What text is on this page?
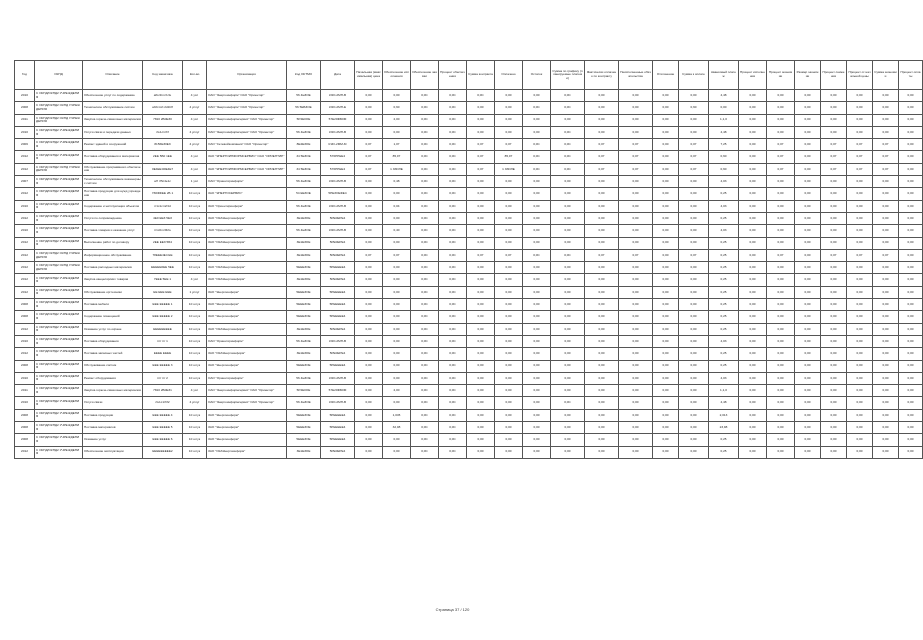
Год	ОКПД	Описание	Код заказчика	Кол-во	Организация	Код ОКТМО	Дата	Начальная (максимальная) цена	Обеспечение исполнения	Обеспечение заявки	Процент обеспечения	Сумма контракта	Оплачено	Остаток	Сумма по графику (планируемые платежи)	Фактически оплачено по контракту	Неисполненные обязательства	Отклонение	Сумма к оплате	Авансовый платеж	Процент исполнения	Процент экономии	Размер экономии	Процент снижения	Процент от начальной цены	Сумма экономии	Процент оплаты
2010	С ОКПД/ОКПД2 УЧРЕЖДЕНИЯ	Обеспечение услуг по содержанию	aftsrfcmrf-rfe	4 усл	ОАО "Энергоинформ" ОАО "Ориентир"	56 4мЗОЕ	КЭО-2МН-В	0,00	0,00	0,0С	0,0С	0,0С	0,00	0,00	0,0С	0,00	0,00	0,00	0,00	4,48	0,00	0,00	0,00	0,00	0,00	0,00	0,00
2008	С ОКПД/ОКПД2 ОКПД УЧРЕЖДЕНИЯ	Техническое обслуживание систем	afcfcmrf-2d1f2f	4 услуг	ОАО "Энергоинформ" ОАО "Ориентир"	56 5ЕБЗОЕ	КЭО-2МН-Е	0,00	0,60	0,0С	0,0С	0,00	0,00	0,0С	0,0С	0,00	0,00	0,00	0,60	0,00	0,00	0,00	0,00	0,00	0,00	0,00	0,00
2011	С ОКПД/ОКПД2 ОКПД УЧРЕЖДЕНИЯ	Закупка горюче-смазочных материалов	7810 2Б0ЕЗ0	4 усл	ОАО "Энергоинформсервис" ОАО "Ориентир"	5Р4Е0ОЕ	57Е20ФБ0М	0,00	2,00	0,0С	0,0С	0,00	0,00	0,00	0,00	0,00	0,00	0,00	0,00	1,1,0	0,00	0,00	0,00	0,00	0,00	0,00	0,00
2010	С ОКПД/ОКПД2 УЧРЕЖДЕНИЯ	Услуги связи и передачи данных	rfe1c1rfrf	4 услуг	ОАО "Энергоинформсервис" ОАО "Ориентир"	56 4мЗОЕ	КЭО-2МН-В	0,00	0,00	0,0С	0,0С	0,00	0,00	0,00	0,0С	0,00	0,00	0,00	0,00	4,48	0,00	0,00	0,00	0,00	0,00	0,00	0,00
2006	С ОКПД/ОКПД2 УЧРЕЖДЕНИЯ	Ремонт зданий и сооружений	8156ЕЗ0ЕЗ	4 услуг	ОАО "Сетевойкомпания" ОАО "Ориентир"	8Е4ЕЗОЕ	КЭО-2ММ-М	0,07	1,07	0,0С	0,0С	0,07	0,07	0,0С	0,0С	0,07	0,07	0,00	0,07	7,25	0,00	0,07	0,00	0,07	0,07	0,07	0,00
2012	С ОКПД/ОКПД2 УЧРЕЖДЕНИЯ	Поставка оборудования и материалов	2ЕЕ 5Б0 1ЕЕ	4 усл	ЗАО "ЭНЕРГОИНФОРМСЕРВИС" ОАО "ОРИЕНТИР"	34 5ЕЗОЕ	576РРЕЕ4	0,07	85,07	0,0С	0,0С	0,07	85,07	0,0С	0,0С	0,07	0,07	0,00	0,07	0,60	0,00	0,07	0,00	0,07	0,07	0,07	0,00
2012	С ОКПД ОКПД2 ОКПД УЧРЕЖДЕНИЯ	Обслуживание программного обеспечения	ЗЕ4ЕЕЭ0Е4Е7	4 усл	ЗАО "ЭНЕРГОИНФОРМСЕРВИС" ОАО "ОРИЕНТИР"	34 5ЕЗОЕ	576РРЕЕ4	0,07	1 ЗЗОЛЕ	0,0С	0,0С	0,07	1 ЗЗОЛЕ	0,0С	0,0С	0,07	0,07	0,00	0,07	0,60	0,00	0,07	0,00	0,07	0,07	0,07	0,00
2007	С ОКПД/ОКПД2 УЧРЕЖДЕНИЯ	Техническое обслуживание инженерных систем	a7l rf5c4e1c	1 усл	ОАО "Ориентиринформ"	56 4мЗОЕ	КЭО-2МН-В	0,00	0,48	0,0С	0,0С	0,00	0,00	0,00	0,00	0,00	0,00	0,00	0,00	4,03	0,00	0,00	0,00	0,00	0,00	0,00	0,00
2012	С ОКПД/ОКПД2 УЧРЕЖДЕНИЯ	Поставка продукции для нужд учреждения	7З0ФФЕЕ 2Б 1	10 штук	ЗАО "ЭНЕРГОСЕРВИС"	54 ЕЕЗОЕ	5РЕЗОЕФЕ4	0,00	0,00	0,0С	0,0С	0,00	0,00	0,00	0,00	0,00	0,00	0,00	0,00	0,25	0,00	0,00	0,00	0,00	0,00	0,00	0,00
2010	С ОКПД/ОКПД2 УЧРЕЖДЕНИЯ	Содержание и эксплуатация объектов	rr1c1cmrf4d	10 штук	ЗАО "Ориентиринформ"	56 4мЗОЕ	КЭО-2МН-В	0,00	0,04	0,0С	0,0С	0,00	0,00	0,00	0,00	0,00	0,00	0,00	0,00	4,03	0,00	0,00	0,00	0,00	0,00	0,00	0,00
2012	С ОКПД/ОКПД2 УЧРЕЖДЕНИЯ	Услуги по сопровождению	4Е0 ЕЕЗ 5ЕЗ	10 штук	ЗАО "ОКАЭнергоинформ"	3Е1ЕЗОЕ	5РЕ0ЕРЕ4	0,00	0,00	0,0С	0,0С	0,00	0,00	0,00	0,00	0,00	0,00	0,00	0,00	0,25	0,00	0,00	0,00	0,00	0,00	0,00	0,00
2010	С ОКПД/ОКПД2 УЧРЕЖДЕНИЯ	Поставка товаров и оказание услуг	rr1c0mrf4rfe	10 штук	ЗАО "Ориентиринформ"	56 4мЗОЕ	КЭО-2МН-В	0,00	0,40	0,0С	0,0С	0,00	0,00	0,00	0,00	0,00	0,00	0,00	0,00	4,03	0,00	0,00	0,00	0,00	0,00	0,00	0,00
2012	С ОКПД/ОКПД2 УЧРЕЖДЕНИЯ	Выполнение работ по договору	2ЕЕ ЕЕЗ 5Б4	10 штук	ЗАО "ОКАЭнергоинформ"	3Е1ЕЗОЕ	5РЕ0ЕРЕ4	0,00	0,00	0,0С	0,0С	0,00	0,00	0,00	0,00	0,00	0,00	0,00	0,00	0,25	0,00	0,00	0,00	0,00	0,00	0,00	0,00
2012	С ОКПД ОКПД2 ОКПД УЧРЕЖДЕНИЯ	Информационное обслуживание	78ЕЕЕ4Е4 ЕЕ	10 штук	ЗАО "ОКАЭнергоинформ"	3Е1ЕЗОЕ	5РЕ0ЕРЕ4	0,07	0,07	0,0С	0,0С	0,07	0,07	0,0С	0,0С	0,07	0,07	0,00	0,07	0,25	0,00	0,07	0,00	0,07	0,07	0,07	0,00
2012	С ОКПД ОКПД2 ОКПД УЧРЕЖДЕНИЯ	Поставка расходных материалов	ЕЕЕЕЕ0ЕЕ 5ЕЕ	10 штук	ЗАО "ОКАЭнергоинформ"	5ЕЕЕЗОЕ	5РЕЕЕЕЕ4	0,00	0,00	0,0С	0,0С	0,00	0,00	0,00	0,00	0,00	0,00	0,00	0,00	0,25	0,00	0,00	0,00	0,00	0,00	0,00	0,00
2012	С ОКПД/ОКПД2 УЧРЕЖДЕНИЯ	Закупка канцелярских товаров	7ЕЕЕ 5ЕЕ 1	4 усл	ЗАО "ОКАЭнергоинформ"	3Е1ЕЗОЕ	5РЕ0ЕРЕ4	0,00	0,00	0,0С	0,0С	0,00	0,00	0,00	0,00	0,00	0,00	0,00	0,00	0,25	0,00	0,00	0,00	0,00	0,00	0,00	0,00
2012	С ОКПД/ОКПД2 УЧРЕЖДЕНИЯ	Обслуживание оргтехники	ЕЕ ЕЕЕ ЕЕЕ	1 услуг	ЗАО "Энергоинформ"	5ЕЕЕЗОЕ	5РЕЕЕЕЕ4	0,00	0,00	0,0С	0,0С	0,00	0,00	0,00	0,00	0,00	0,00	0,00	0,00	0,25	0,00	0,00	0,00	0,00	0,00	0,00	0,00
2008	С ОКПД/ОКПД2 УЧРЕЖДЕНИЯ	Поставка мебели	ЕЕЕ ЕЕЕЕЕ 1	10 штук	ЗАО "Энергоинформ"	5ЕЕЕЗОЕ	5РЕЕЕЕЕ4	0,00	0,00	0,0С	0,0С	0,00	0,00	0,00	0,00	0,00	0,00	0,00	0,00	0,25	0,00	0,00	0,00	0,00	0,00	0,00	0,00
2008	С ОКПД/ОКПД2 УЧРЕЖДЕНИЯ	Содержание помещений	ЕЕЕ ЕЕЕЕЕ 2	10 штук	ЗАО "Энергоинформ"	5ЕЕЕЗОЕ	5РЕЕЕЕЕ4	0,00	0,00	0,0С	0,0С	0,00	0,00	0,00	0,00	0,00	0,00	0,00	0,00	0,25	0,00	0,00	0,00	0,00	0,00	0,00	0,00
2012	С ОКПД/ОКПД2 УЧРЕЖДЕНИЯ	Оказание услуг по охране	ЕЕЕЕЕЕЕЕЕ	10 штук	ЗАО "ОКАЭнергоинформ"	3Е1ЕЗОЕ	5РЕ0ЕРЕ4	0,00	0,00	0,0С	0,0С	0,00	0,00	0,00	0,00	0,00	0,00	0,00	0,00	0,25	0,00	0,00	0,00	0,00	0,00	0,00	0,00
2010	С ОКПД/ОКПД2 УЧРЕЖДЕНИЯ	Поставка оборудования	rrrr rrr 1	10 штук	ОАО "Ориентиринформ"	56 4мЗОЕ	КЭО-2МН-В	0,00	0,00	0,0С	0,0С	0,00	0,00	0,00	0,00	0,00	0,00	0,00	0,00	4,03	0,00	0,00	0,00	0,00	0,00	0,00	0,00
2012	С ОКПД/ОКПД2 УЧРЕЖДЕНИЯ	Поставка запасных частей	ЕЕЕЕ ЕЕЕЕ	10 штук	ЗАО "ОКАЭнергоинформ"	3Е1ЕЗОЕ	5РЕ0ЕРЕ4	0,00	0,00	0,0С	0,0С	0,00	0,00	0,00	0,00	0,00	0,00	0,00	0,00	0,25	0,00	0,00	0,00	0,00	0,00	0,00	0,00
2008	С ОКПД/ОКПД2 УЧРЕЖДЕНИЯ	Обслуживание систем	ЕЕЕ ЕЕЕЕЕ 3	10 штук	ЗАО "Энергоинформ"	5ЕЕЕЗОЕ	5РЕЕЕЕЕ4	0,00	0,00	0,0С	0,0С	0,00	0,00	0,00	0,00	0,00	0,00	0,00	0,00	0,25	0,00	0,00	0,00	0,00	0,00	0,00	0,00
2010	С ОКПД/ОКПД2 УЧРЕЖДЕНИЯ	Ремонт оборудования	rrrr rrr 2	10 штук	ОАО "Ориентиринформ"	56 4мЗОЕ	КЭО-2МН-В	0,00	0,00	0,0С	0,0С	0,00	0,00	0,00	0,00	0,00	0,00	0,00	0,00	4,03	0,00	0,00	0,00	0,00	0,00	0,00	0,00
2011	С ОКПД/ОКПД2 УЧРЕЖДЕНИЯ	Закупка горюче-смазочных материалов	7810 2Б0ЕЗ1	4 усл	ОАО "Энергоинформсервис" ОАО "Ориентир"	5Р4Е0ОЕ	57Е20ФБ0М	0,00	2,00	0,0С	0,0С	0,00	0,00	0,00	0,00	0,00	0,00	0,00	0,00	1,1,0	0,00	0,00	0,00	0,00	0,00	0,00	0,00
2010	С ОКПД/ОКПД2 УЧРЕЖДЕНИЯ	Услуги связи	rfe1c1rfrf2	4 услуг	ОАО "Энергоинформсервис" ОАО "Ориентир"	56 4мЗОЕ	КЭО-2МН-В	0,00	0,00	0,0С	0,0С	0,00	0,00	0,00	0,0С	0,00	0,00	0,00	0,00	4,48	0,00	0,00	0,00	0,00	0,00	0,00	0,00
2008	С ОКПД/ОКПД2 УЧРЕЖДЕНИЯ	Поставка продукции	ЕЕЕ ЕЕЕЕЕ 4	10 штук	ЗАО "Энергоинформ"	5ЕЕЕЗОЕ	5РЕЕЕЕЕ4	0,00	1,045	0,0С	0,0С	0,00	0,00	0,00	0,00	0,00	0,00	0,00	0,00	2,013	0,00	0,00	0,00	0,00	0,00	0,00	0,00
2008	С ОКПД/ОКПД2 УЧРЕЖДЕНИЯ	Поставка материалов	ЕЕЕ ЕЕЕЕЕ 5	10 штук	ЗАО "Энергоинформ"	5ЕЕЕЗОЕ	5РЕЕЕЕЕ4	0,00	32,08	0,0С	0,0С	0,00	0,00	0,00	0,00	0,00	0,00	0,00	0,00	23,98	0,00	0,00	0,00	0,00	0,00	0,00	0,00
2008	С ОКПД/ОКПД2 УЧРЕЖДЕНИЯ	Оказание услуг	ЕЕЕ ЕЕЕЕЕ 6	10 штук	ЗАО "Энергоинформ"	5ЕЕЕЗОЕ	5РЕЕЕЕЕ4	0,00	0,00	0,0С	0,0С	0,00	0,00	0,00	0,00	0,00	0,00	0,00	0,00	0,25	0,00	0,00	0,00	0,00	0,00	0,00	0,00
2012	С ОКПД/ОКПД2 УЧРЕЖДЕНИЯ	Обеспечение эксплуатации	ЕЕЕЕЕЕЕЕЕ2	10 штук	ЗАО "ОКАЭнергоинформ"	3Е1ЕЗОЕ	5РЕ0ЕРЕ4	0,00	0,00	0,0С	0,0С	0,00	0,00	0,00	0,00	0,00	0,00	0,00	0,00	0,25	0,00	0,00	0,00	0,00	0,00	0,00	0,00
Страница 37 / 120
